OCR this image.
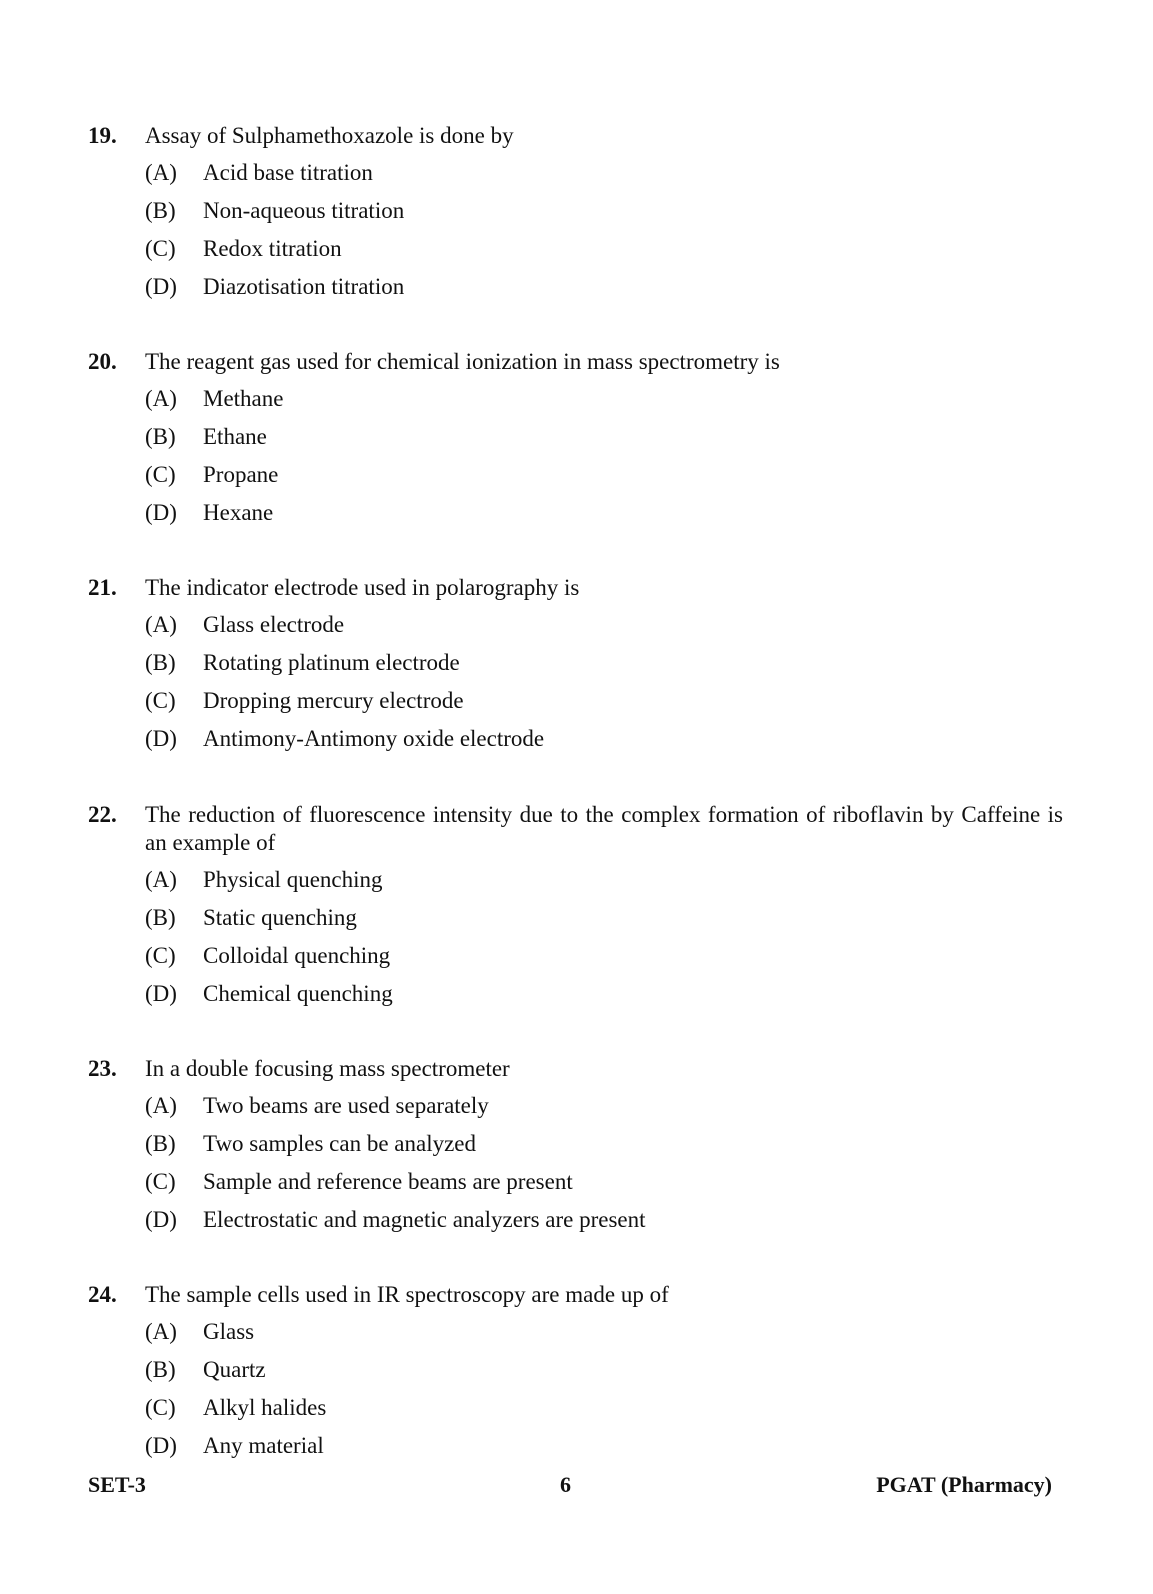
19.	Assay of Sulphamethoxazole is done by
(A)	Acid base titration
(B)	Non-aqueous titration
(C)	Redox titration
(D)	Diazotisation titration
20.	The reagent gas used for chemical ionization in mass spectrometry is
(A)	Methane
(B)	Ethane
(C)	Propane
(D)	Hexane
21.	The indicator electrode used in polarography is
(A)	Glass electrode
(B)	Rotating platinum electrode
(C)	Dropping mercury electrode
(D)	Antimony-Antimony oxide electrode
22.	The reduction of fluorescence intensity due to the complex formation of riboflavin by Caffeine is an example of
(A)	Physical quenching
(B)	Static quenching
(C)	Colloidal quenching
(D)	Chemical quenching
23.	In a double focusing mass spectrometer
(A)	Two beams are used separately
(B)	Two samples can be analyzed
(C)	Sample and reference beams are present
(D)	Electrostatic and magnetic analyzers are present
24.	The sample cells used in IR spectroscopy are made up of
(A)	Glass
(B)	Quartz
(C)	Alkyl halides
(D)	Any material
SET-3	6	PGAT (Pharmacy)
